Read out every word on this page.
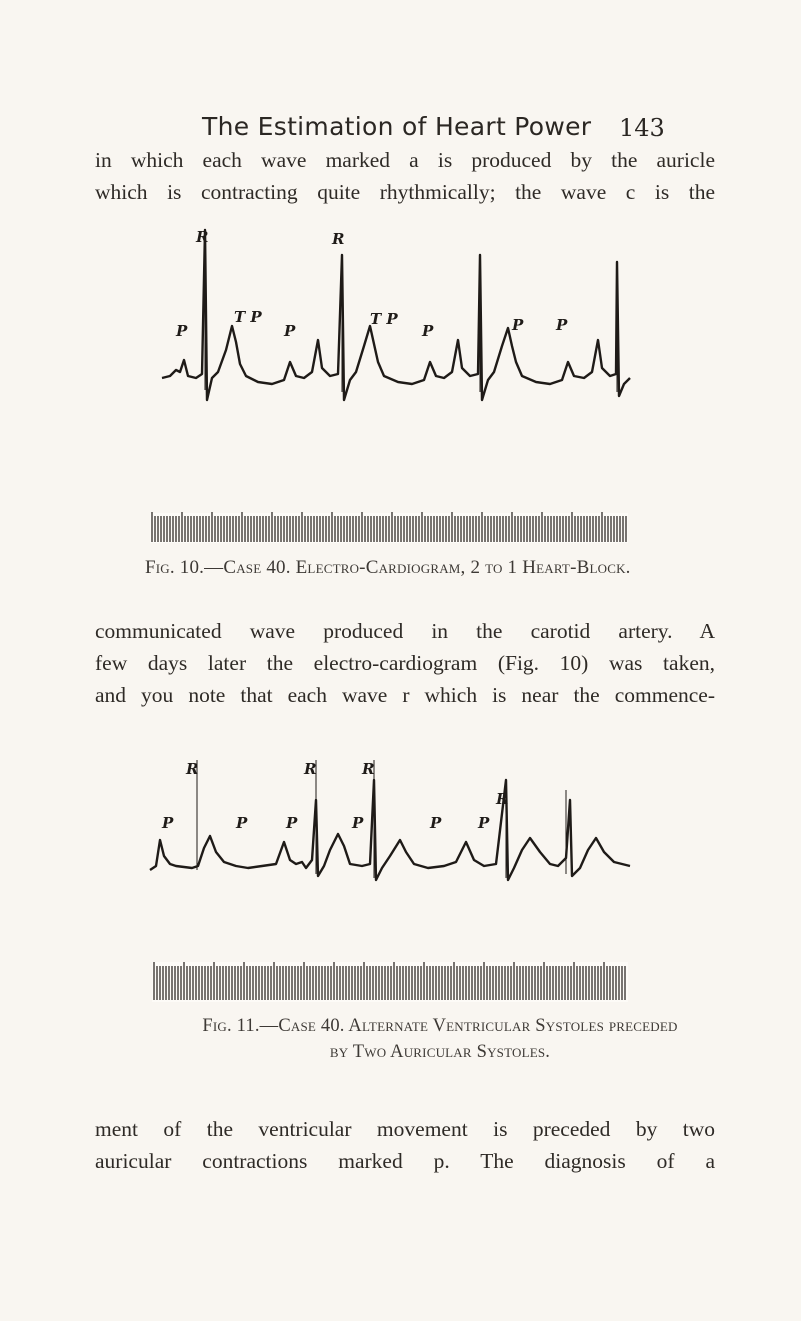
The Estimation of Heart Power 143
in which each wave marked a is produced by the auricle
which is contracting quite rhythmically; the wave c is the
R	R
P
T P
P
T P
P	P P

Fig. 10.—Case 40. Electro-Cardiogram, 2 to 1 Heart-Block.

communicated wave produced in the carotid artery. A
few days later the electro-cardiogram (Fig. 10) was taken,
and you note that each wave r which is near the commence-
R	R	R
R
P	P	P	P	P P
Fig. 11.—Case 40. Alternate Ventricular Systoles preceded
by Two Auricular Systoles.
ment of the ventricular movement is preceded by two
auricular contractions marked p. The diagnosis of a
